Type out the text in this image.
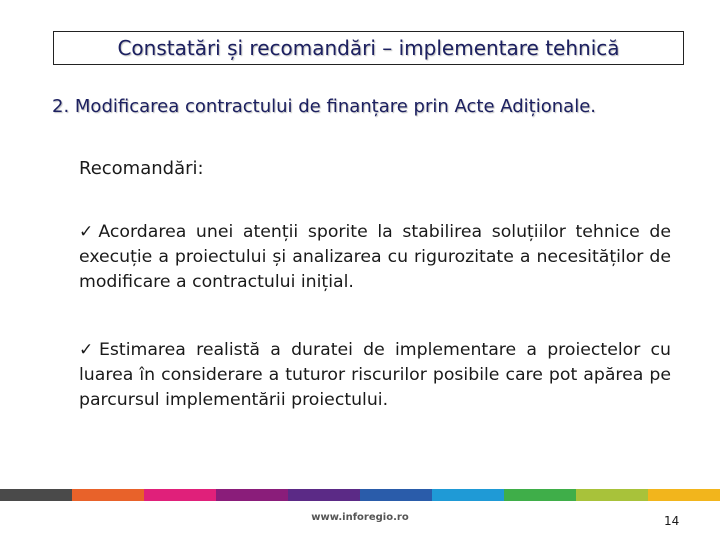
Constatări și recomandări – implementare tehnică
2. Modificarea contractului de finanțare prin Acte Adiționale.
Recomandări:
✓Acordarea unei atenții sporite la stabilirea soluțiilor tehnice de execuție a proiectului și analizarea cu rigurozitate a necesităților de modificare a contractului inițial.
✓Estimarea realistă a duratei de implementare a proiectelor cu luarea în considerare a tuturor riscurilor posibile care pot apărea pe parcursul implementării proiectului.
www.inforegio.ro	14
